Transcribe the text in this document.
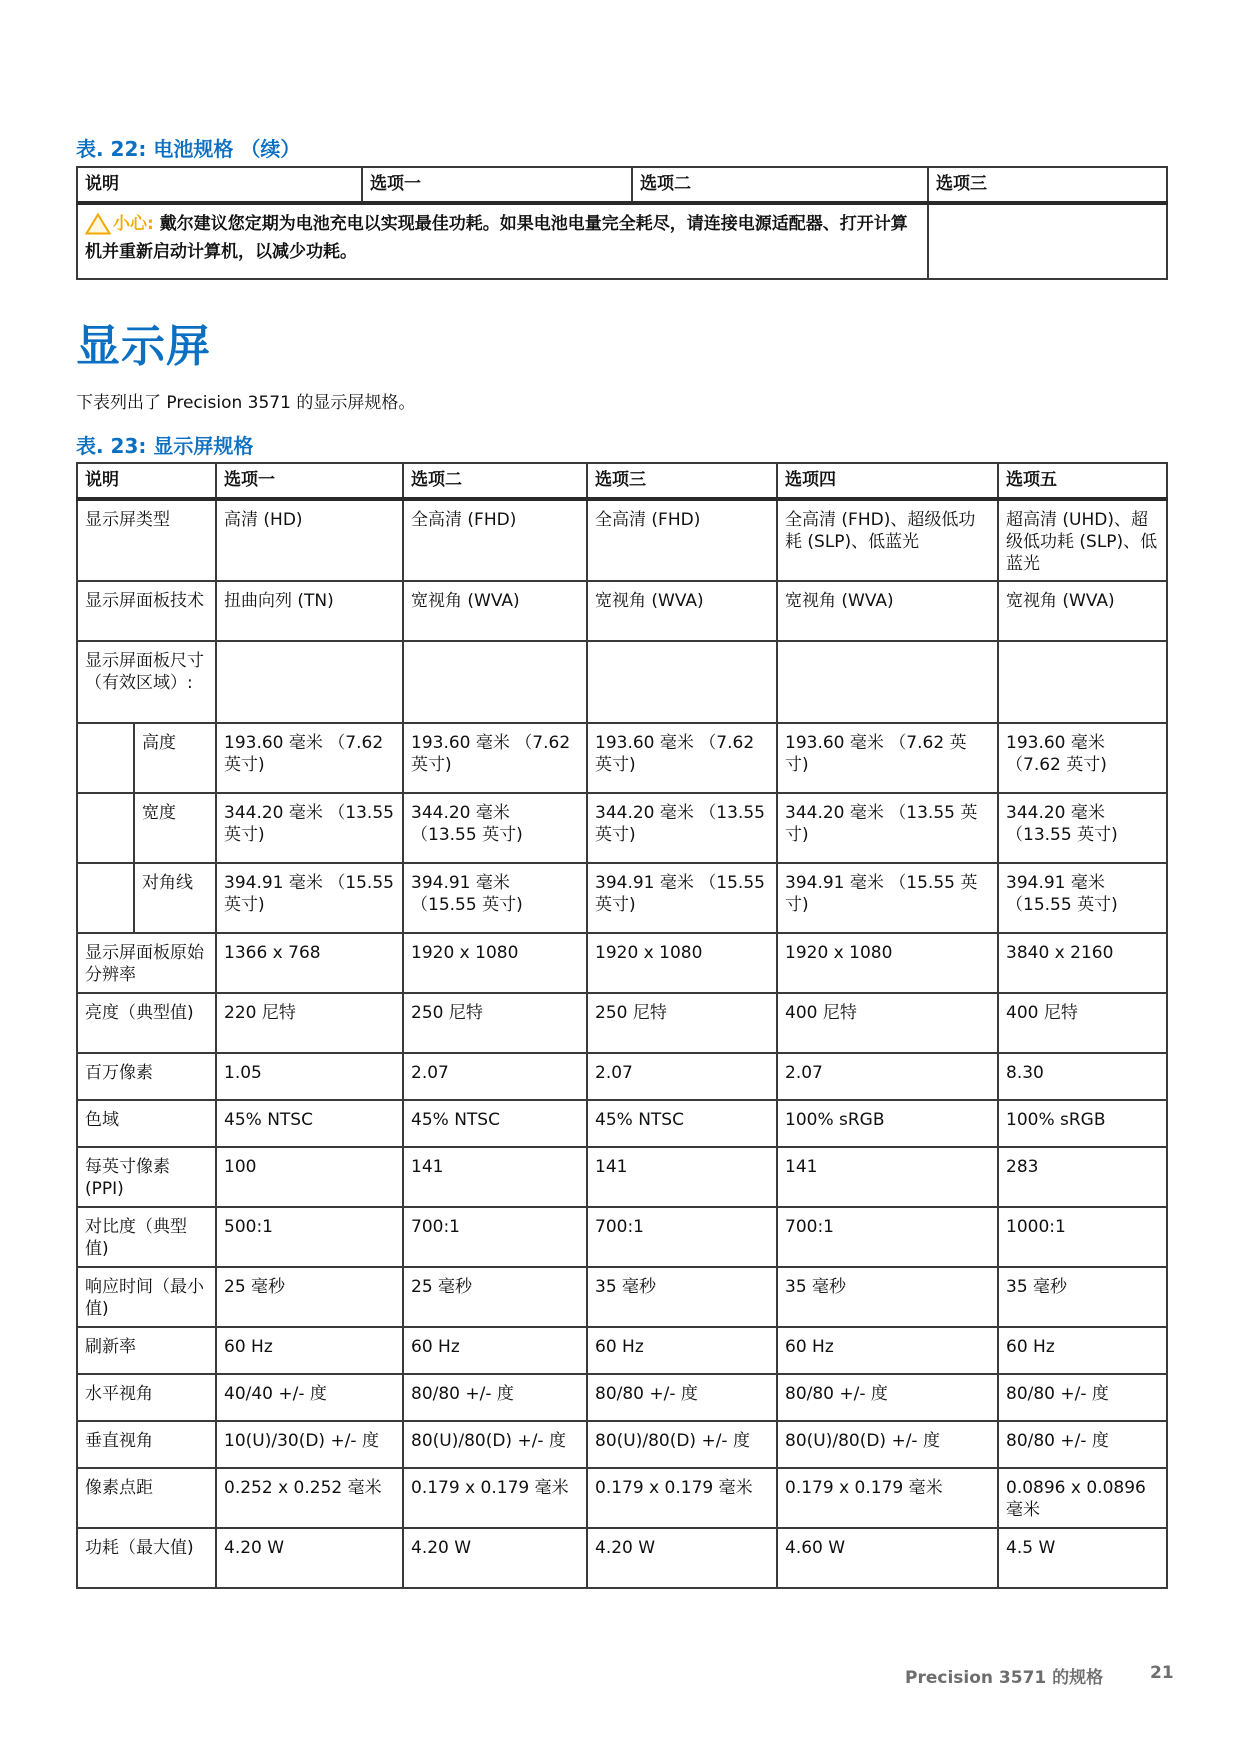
表. 22: 电池规格 （续）
说明	选项一	选项二	选项三
小心: 戴尔建议您定期为电池充电以实现最佳功耗。如果电池电量完全耗尽，请连接电源适配器、打开计算机并重新启动计算机，以减少功耗。			
显示屏
下表列出了 Precision 3571 的显示屏规格。
表. 23: 显示屏规格
说明		选项一	选项二	选项三	选项四	选项五
显示屏类型		高清 (HD)	全高清 (FHD)	全高清 (FHD)	全高清 (FHD)、超级低功耗 (SLP)、低蓝光	超高清 (UHD)、超级低功耗 (SLP)、低蓝光
显示屏面板技术		扭曲向列 (TN)	宽视角 (WVA)	宽视角 (WVA)	宽视角 (WVA)	宽视角 (WVA)
显示屏面板尺寸（有效区域）:						
	高度	193.60 毫米 （7.62 英寸)	193.60 毫米 （7.62 英寸)	193.60 毫米 （7.62 英寸)	193.60 毫米 （7.62 英寸)	193.60 毫米 （7.62 英寸)
	宽度	344.20 毫米 （13.55 英寸)	344.20 毫米 （13.55 英寸)	344.20 毫米 （13.55 英寸)	344.20 毫米 （13.55 英寸)	344.20 毫米 （13.55 英寸)
	对角线	394.91 毫米 （15.55 英寸)	394.91 毫米 （15.55 英寸)	394.91 毫米 （15.55 英寸)	394.91 毫米 （15.55 英寸)	394.91 毫米 （15.55 英寸)
显示屏面板原始分辨率		1366 x 768	1920 x 1080	1920 x 1080	1920 x 1080	3840 x 2160
亮度（典型值)		220 尼特	250 尼特	250 尼特	400 尼特	400 尼特
百万像素		1.05	2.07	2.07	2.07	8.30
色域		45% NTSC	45% NTSC	45% NTSC	100% sRGB	100% sRGB
每英寸像素 (PPI)		100	141	141	141	283
对比度（典型值)		500:1	700:1	700:1	700:1	1000:1
响应时间（最小值)		25 毫秒	25 毫秒	35 毫秒	35 毫秒	35 毫秒
刷新率		60 Hz	60 Hz	60 Hz	60 Hz	60 Hz
水平视角		40/40 +/- 度	80/80 +/- 度	80/80 +/- 度	80/80 +/- 度	80/80 +/- 度
垂直视角		10(U)/30(D) +/- 度	80(U)/80(D) +/- 度	80(U)/80(D) +/- 度	80(U)/80(D) +/- 度	80/80 +/- 度
像素点距		0.252 x 0.252 毫米	0.179 x 0.179 毫米	0.179 x 0.179 毫米	0.179 x 0.179 毫米	0.0896 x 0.0896 毫米
功耗（最大值)		4.20 W	4.20 W	4.20 W	4.60 W	4.5 W
Precision 3571 的规格	21
